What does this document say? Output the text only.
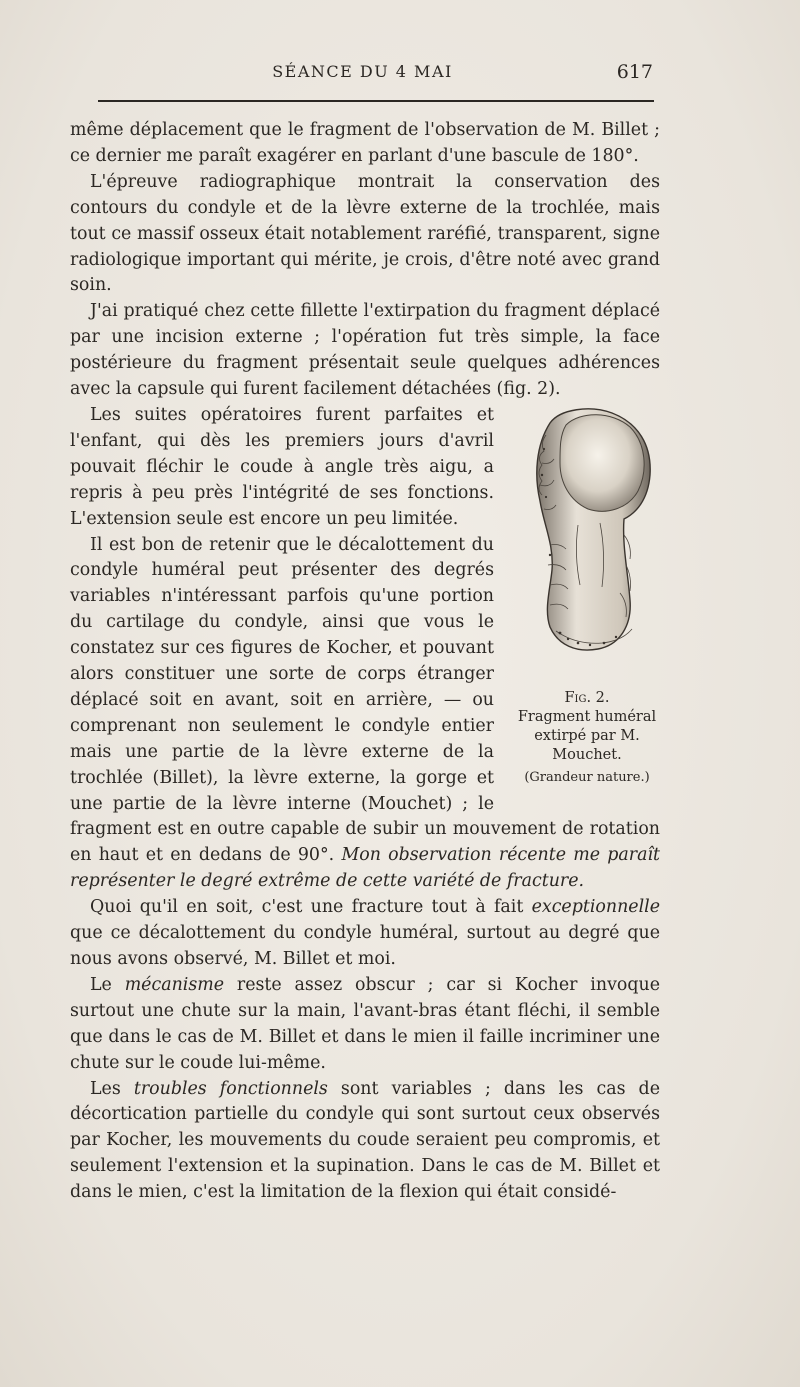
SÉANCE DU 4 MAI	617

même déplacement que le fragment de l'observation de M. Billet ; ce dernier me paraît exagérer en parlant d'une bascule de 180°.

L'épreuve radiographique montrait la conservation des contours du condyle et de la lèvre externe de la trochlée, mais tout ce massif osseux était notablement raréfié, transparent, signe radiologique important qui mérite, je crois, d'être noté avec grand soin.

J'ai pratiqué chez cette fillette l'extirpation du fragment déplacé par une incision externe ; l'opération fut très simple, la face postérieure du fragment présentait seule quelques adhérences avec la capsule qui furent facilement détachées (fig. 2).

Fig. 2.
Fragment huméral extirpé par M. Mouchet.
(Grandeur nature.)

Les suites opératoires furent parfaites et l'enfant, qui dès les premiers jours d'avril pouvait fléchir le coude à angle très aigu, a repris à peu près l'intégrité de ses fonctions. L'extension seule est encore un peu limitée.

Il est bon de retenir que le décalottement du condyle huméral peut présenter des degrés variables n'intéressant parfois qu'une portion du cartilage du condyle, ainsi que vous le constatez sur ces figures de Kocher, et pouvant alors constituer une sorte de corps étranger déplacé soit en avant, soit en arrière, — ou comprenant non seulement le condyle entier mais une partie de la lèvre externe de la trochlée (Billet), la lèvre externe, la gorge et une partie de la lèvre interne (Mouchet) ; le fragment est en outre capable de subir un mouvement de rotation en haut et en dedans de 90°. Mon observation récente me paraît représenter le degré extrême de cette variété de fracture.

Quoi qu'il en soit, c'est une fracture tout à fait exceptionnelle que ce décalottement du condyle huméral, surtout au degré que nous avons observé, M. Billet et moi.

Le mécanisme reste assez obscur ; car si Kocher invoque surtout une chute sur la main, l'avant-bras étant fléchi, il semble que dans le cas de M. Billet et dans le mien il faille incriminer une chute sur le coude lui-même.

Les troubles fonctionnels sont variables ; dans les cas de décortication partielle du condyle qui sont surtout ceux observés par Kocher, les mouvements du coude seraient peu compromis, et seulement l'extension et la supination. Dans le cas de M. Billet et dans le mien, c'est la limitation de la flexion qui était considé-
